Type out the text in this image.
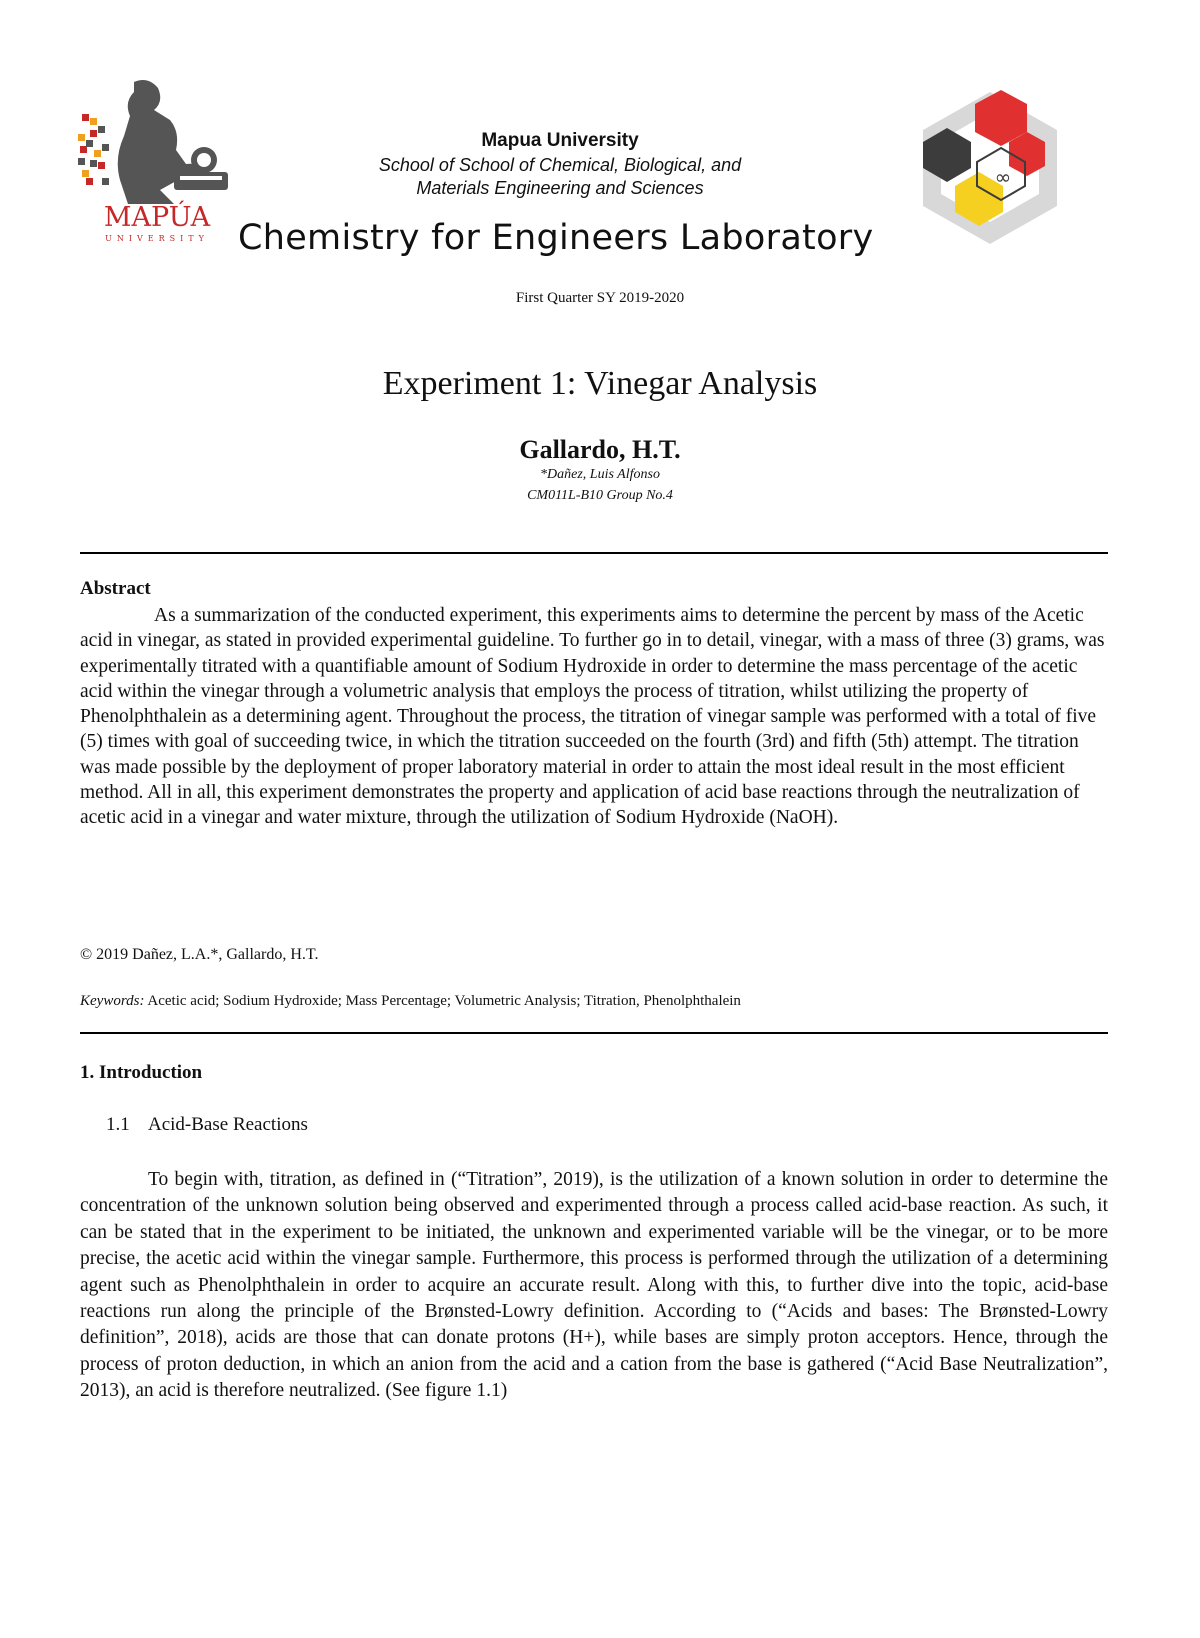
MAPÚA
UNIVERSITY
∞
Mapua University
School of School of Chemical, Biological, and
Materials Engineering and Sciences
Chemistry for Engineers Laboratory
First Quarter SY 2019-2020
Experiment 1: Vinegar Analysis
Gallardo, H.T.
*Dañez, Luis Alfonso
CM011L-B10 Group No.4
Abstract
As a summarization of the conducted experiment, this experiments aims to determine the percent by mass of the Acetic acid in vinegar, as stated in provided experimental guideline. To further go in to detail, vinegar, with a mass of three (3) grams, was experimentally titrated with a quantifiable amount of Sodium Hydroxide in order to determine the mass percentage of the acetic acid within the vinegar through a volumetric analysis that employs the process of titration, whilst utilizing the property of Phenolphthalein as a determining agent. Throughout the process, the titration of vinegar sample was performed with a total of five (5) times with goal of succeeding twice, in which the titration succeeded on the fourth (3rd) and fifth (5th) attempt. The titration was made possible by the deployment of proper laboratory material in order to attain the most ideal result in the most efficient method. All in all, this experiment demonstrates the property and application of acid base reactions through the neutralization of acetic acid in a vinegar and water mixture, through the utilization of Sodium Hydroxide (NaOH).
© 2019 Dañez, L.A.*, Gallardo, H.T.
Keywords: Acetic acid; Sodium Hydroxide; Mass Percentage; Volumetric Analysis; Titration, Phenolphthalein
1. Introduction
1.1 Acid-Base Reactions
To begin with, titration, as defined in (“Titration”, 2019), is the utilization of a known solution in order to determine the concentration of the unknown solution being observed and experimented through a process called acid-base reaction. As such, it can be stated that in the experiment to be initiated, the unknown and experimented variable will be the vinegar, or to be more precise, the acetic acid within the vinegar sample. Furthermore, this process is performed through the utilization of a determining agent such as Phenolphthalein in order to acquire an accurate result. Along with this, to further dive into the topic, acid-base reactions run along the principle of the Brønsted-Lowry definition. According to (“Acids and bases: The Brønsted-Lowry definition”, 2018), acids are those that can donate protons (H+), while bases are simply proton acceptors. Hence, through the process of proton deduction, in which an anion from the acid and a cation from the base is gathered (“Acid Base Neutralization”, 2013), an acid is therefore neutralized. (See figure 1.1)
